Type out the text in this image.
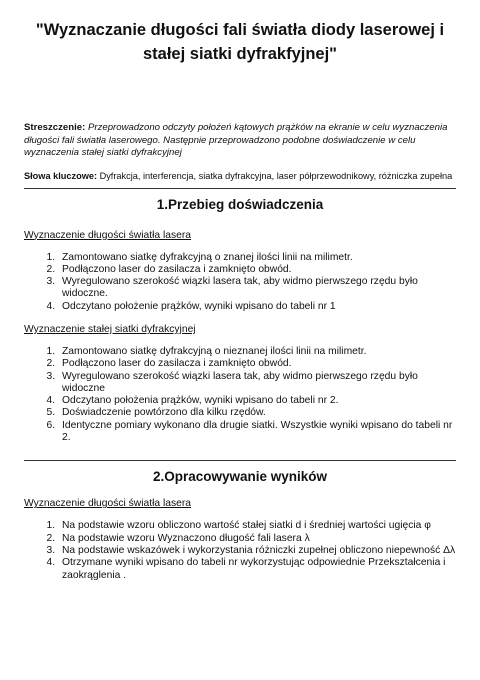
"Wyznaczanie długości fali światła diody laserowej i stałej siatki dyfrakfyjnej"
Streszczenie: Przeprowadzono odczyty położeń kątowych prążków na ekranie w celu wyznaczenia długości fali światła laserowego. Następnie przeprowadzono podobne doświadczenie w celu wyznaczenia stałej siatki dyfrakcyjnej
Słowa kluczowe: Dyfrakcja, interferencja, siatka dyfrakcyjna, laser półprzewodnikowy, różniczka zupełna
1.Przebieg doświadczenia
Wyznaczenie długości światła lasera
1. Zamontowano siatkę dyfrakcyjną o znanej ilości linii na milimetr.
2. Podłączono laser do zasilacza i zamknięto obwód.
3. Wyregulowano szerokość wiązki lasera tak, aby widmo pierwszego rzędu było widoczne.
4. Odczytano położenie prążków, wyniki wpisano do tabeli nr 1
Wyznaczenie stałej siatki dyfrakcyjnej
1. Zamontowano siatkę dyfrakcyjną o nieznanej ilości linii na milimetr.
2. Podłączono laser do zasilacza i zamknięto obwód.
3. Wyregulowano szerokość wiązki lasera tak, aby widmo pierwszego rzędu było widoczne
4. Odczytano położenia prążków, wyniki wpisano do tabeli nr 2.
5. Doświadczenie powtórzono dla kilku rzędów.
6. Identyczne pomiary wykonano dla drugie siatki. Wszystkie wyniki wpisano do tabeli nr 2.
2.Opracowywanie wyników
Wyznaczenie długości światła lasera
1. Na podstawie wzoru obliczono wartość stałej siatki d i średniej wartości ugięcia φ
2. Na podstawie wzoru Wyznaczono długość fali lasera λ
3. Na podstawie wskazówek i wykorzystania różniczki zupełnej obliczono niepewność Δλ
4. Otrzymane wyniki wpisano do tabeli nr wykorzystując odpowiednie Przekształcenia i zaokrąglenia .
